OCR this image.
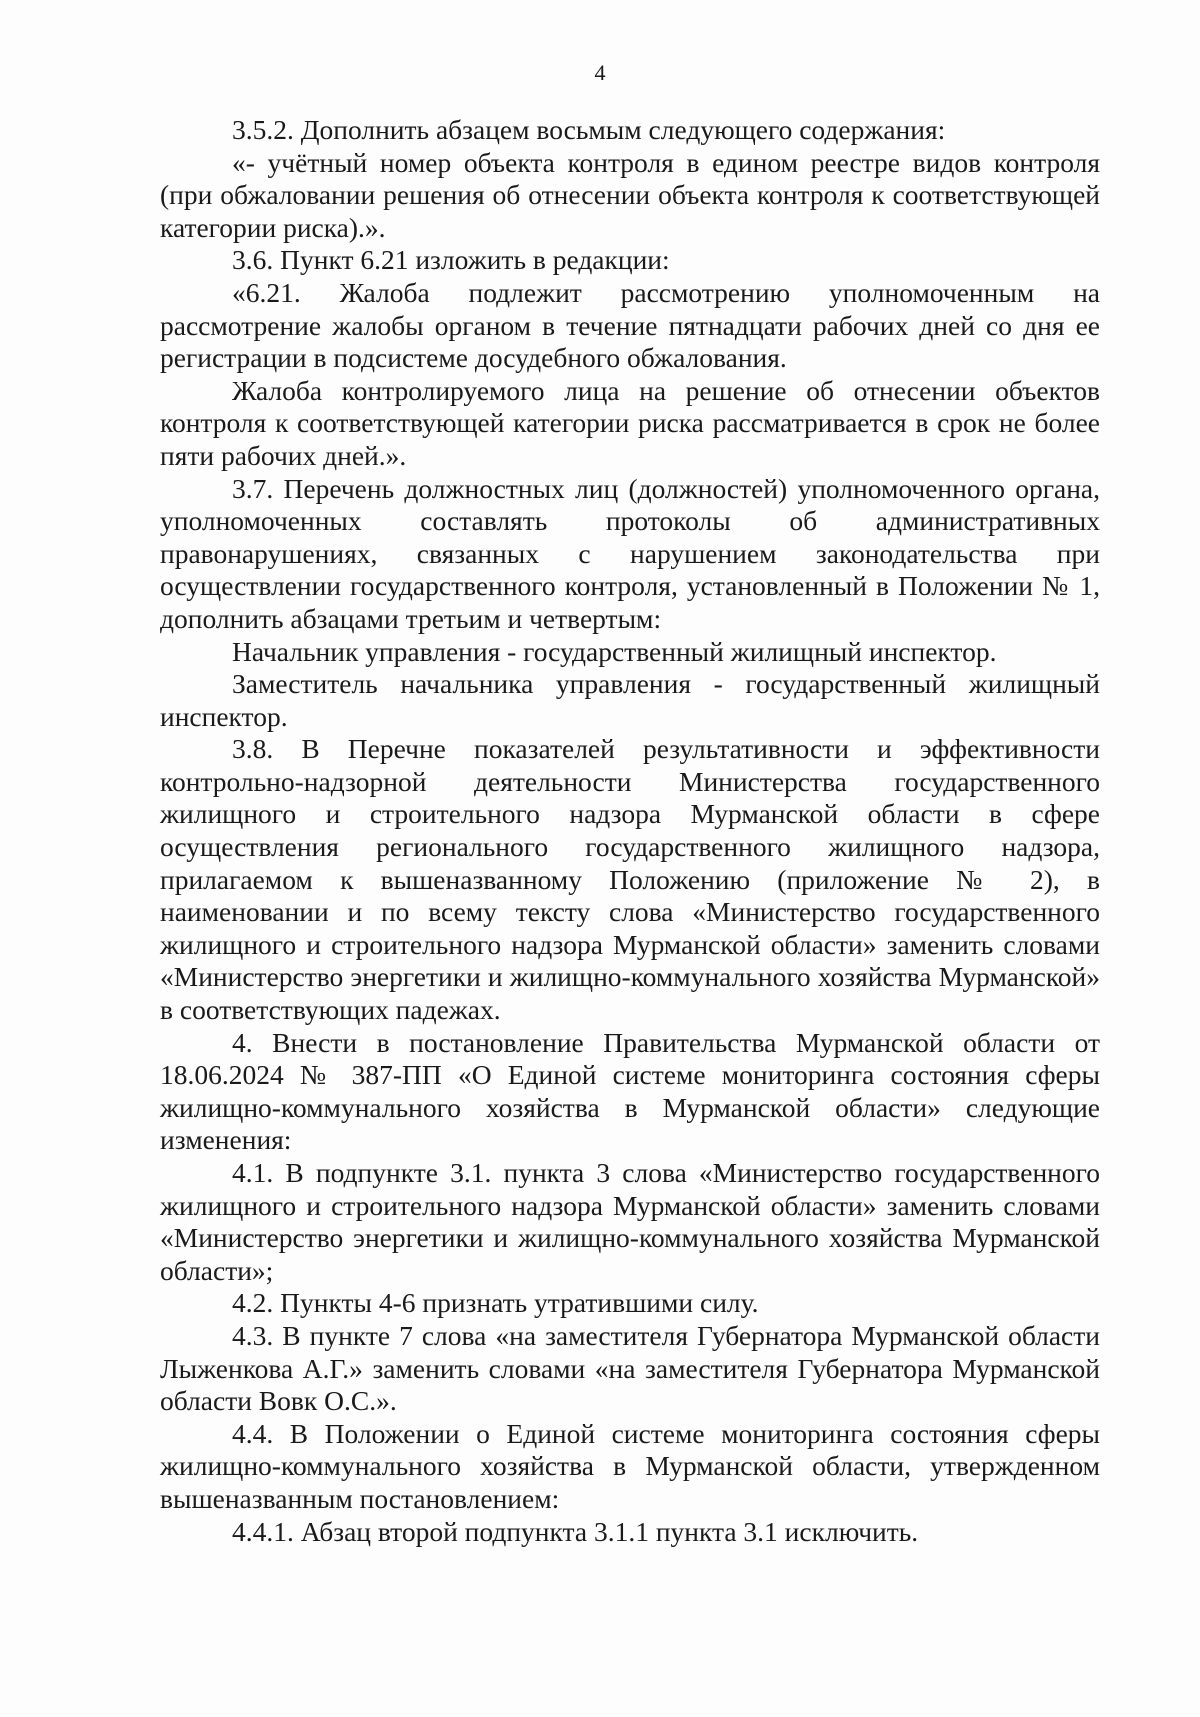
4

3.5.2. Дополнить абзацем восьмым следующего содержания:

«- учётный номер объекта контроля в едином реестре видов контроля (при обжаловании решения об отнесении объекта контроля к соответствующей категории риска).».

3.6. Пункт 6.21 изложить в редакции:

«6.21. Жалоба подлежит рассмотрению уполномоченным на рассмотрение жалобы органом в течение пятнадцати рабочих дней со дня ее регистрации в подсистеме досудебного обжалования.

Жалоба контролируемого лица на решение об отнесении объектов контроля к соответствующей категории риска рассматривается в срок не более пяти рабочих дней.».

3.7. Перечень должностных лиц (должностей) уполномоченного органа, уполномоченных составлять протоколы об административных правонарушениях, связанных с нарушением законодательства при осуществлении государственного контроля, установленный в Положении № 1, дополнить абзацами третьим и четвертым:

Начальник управления - государственный жилищный инспектор.

Заместитель начальника управления - государственный жилищный инспектор.

3.8. В Перечне показателей результативности и эффективности контрольно-надзорной деятельности Министерства государственного жилищного и строительного надзора Мурманской области в сфере осуществления регионального государственного жилищного надзора, прилагаемом к вышеназванному Положению (приложение № 2), в наименовании и по всему тексту слова «Министерство государственного жилищного и строительного надзора Мурманской области» заменить словами «Министерство энергетики и жилищно-коммунального хозяйства Мурманской» в соответствующих падежах.

4. Внести в постановление Правительства Мурманской области от 18.06.2024 № 387-ПП «О Единой системе мониторинга состояния сферы жилищно-коммунального хозяйства в Мурманской области» следующие изменения:

4.1. В подпункте 3.1. пункта 3 слова «Министерство государственного жилищного и строительного надзора Мурманской области» заменить словами «Министерство энергетики и жилищно-коммунального хозяйства Мурманской области»;

4.2. Пункты 4-6 признать утратившими силу.

4.3. В пункте 7 слова «на заместителя Губернатора Мурманской области Лыженкова А.Г.» заменить словами «на заместителя Губернатора Мурманской области Вовк О.С.».

4.4. В Положении о Единой системе мониторинга состояния сферы жилищно-коммунального хозяйства в Мурманской области, утвержденном вышеназванным постановлением:

4.4.1. Абзац второй подпункта 3.1.1 пункта 3.1 исключить.
